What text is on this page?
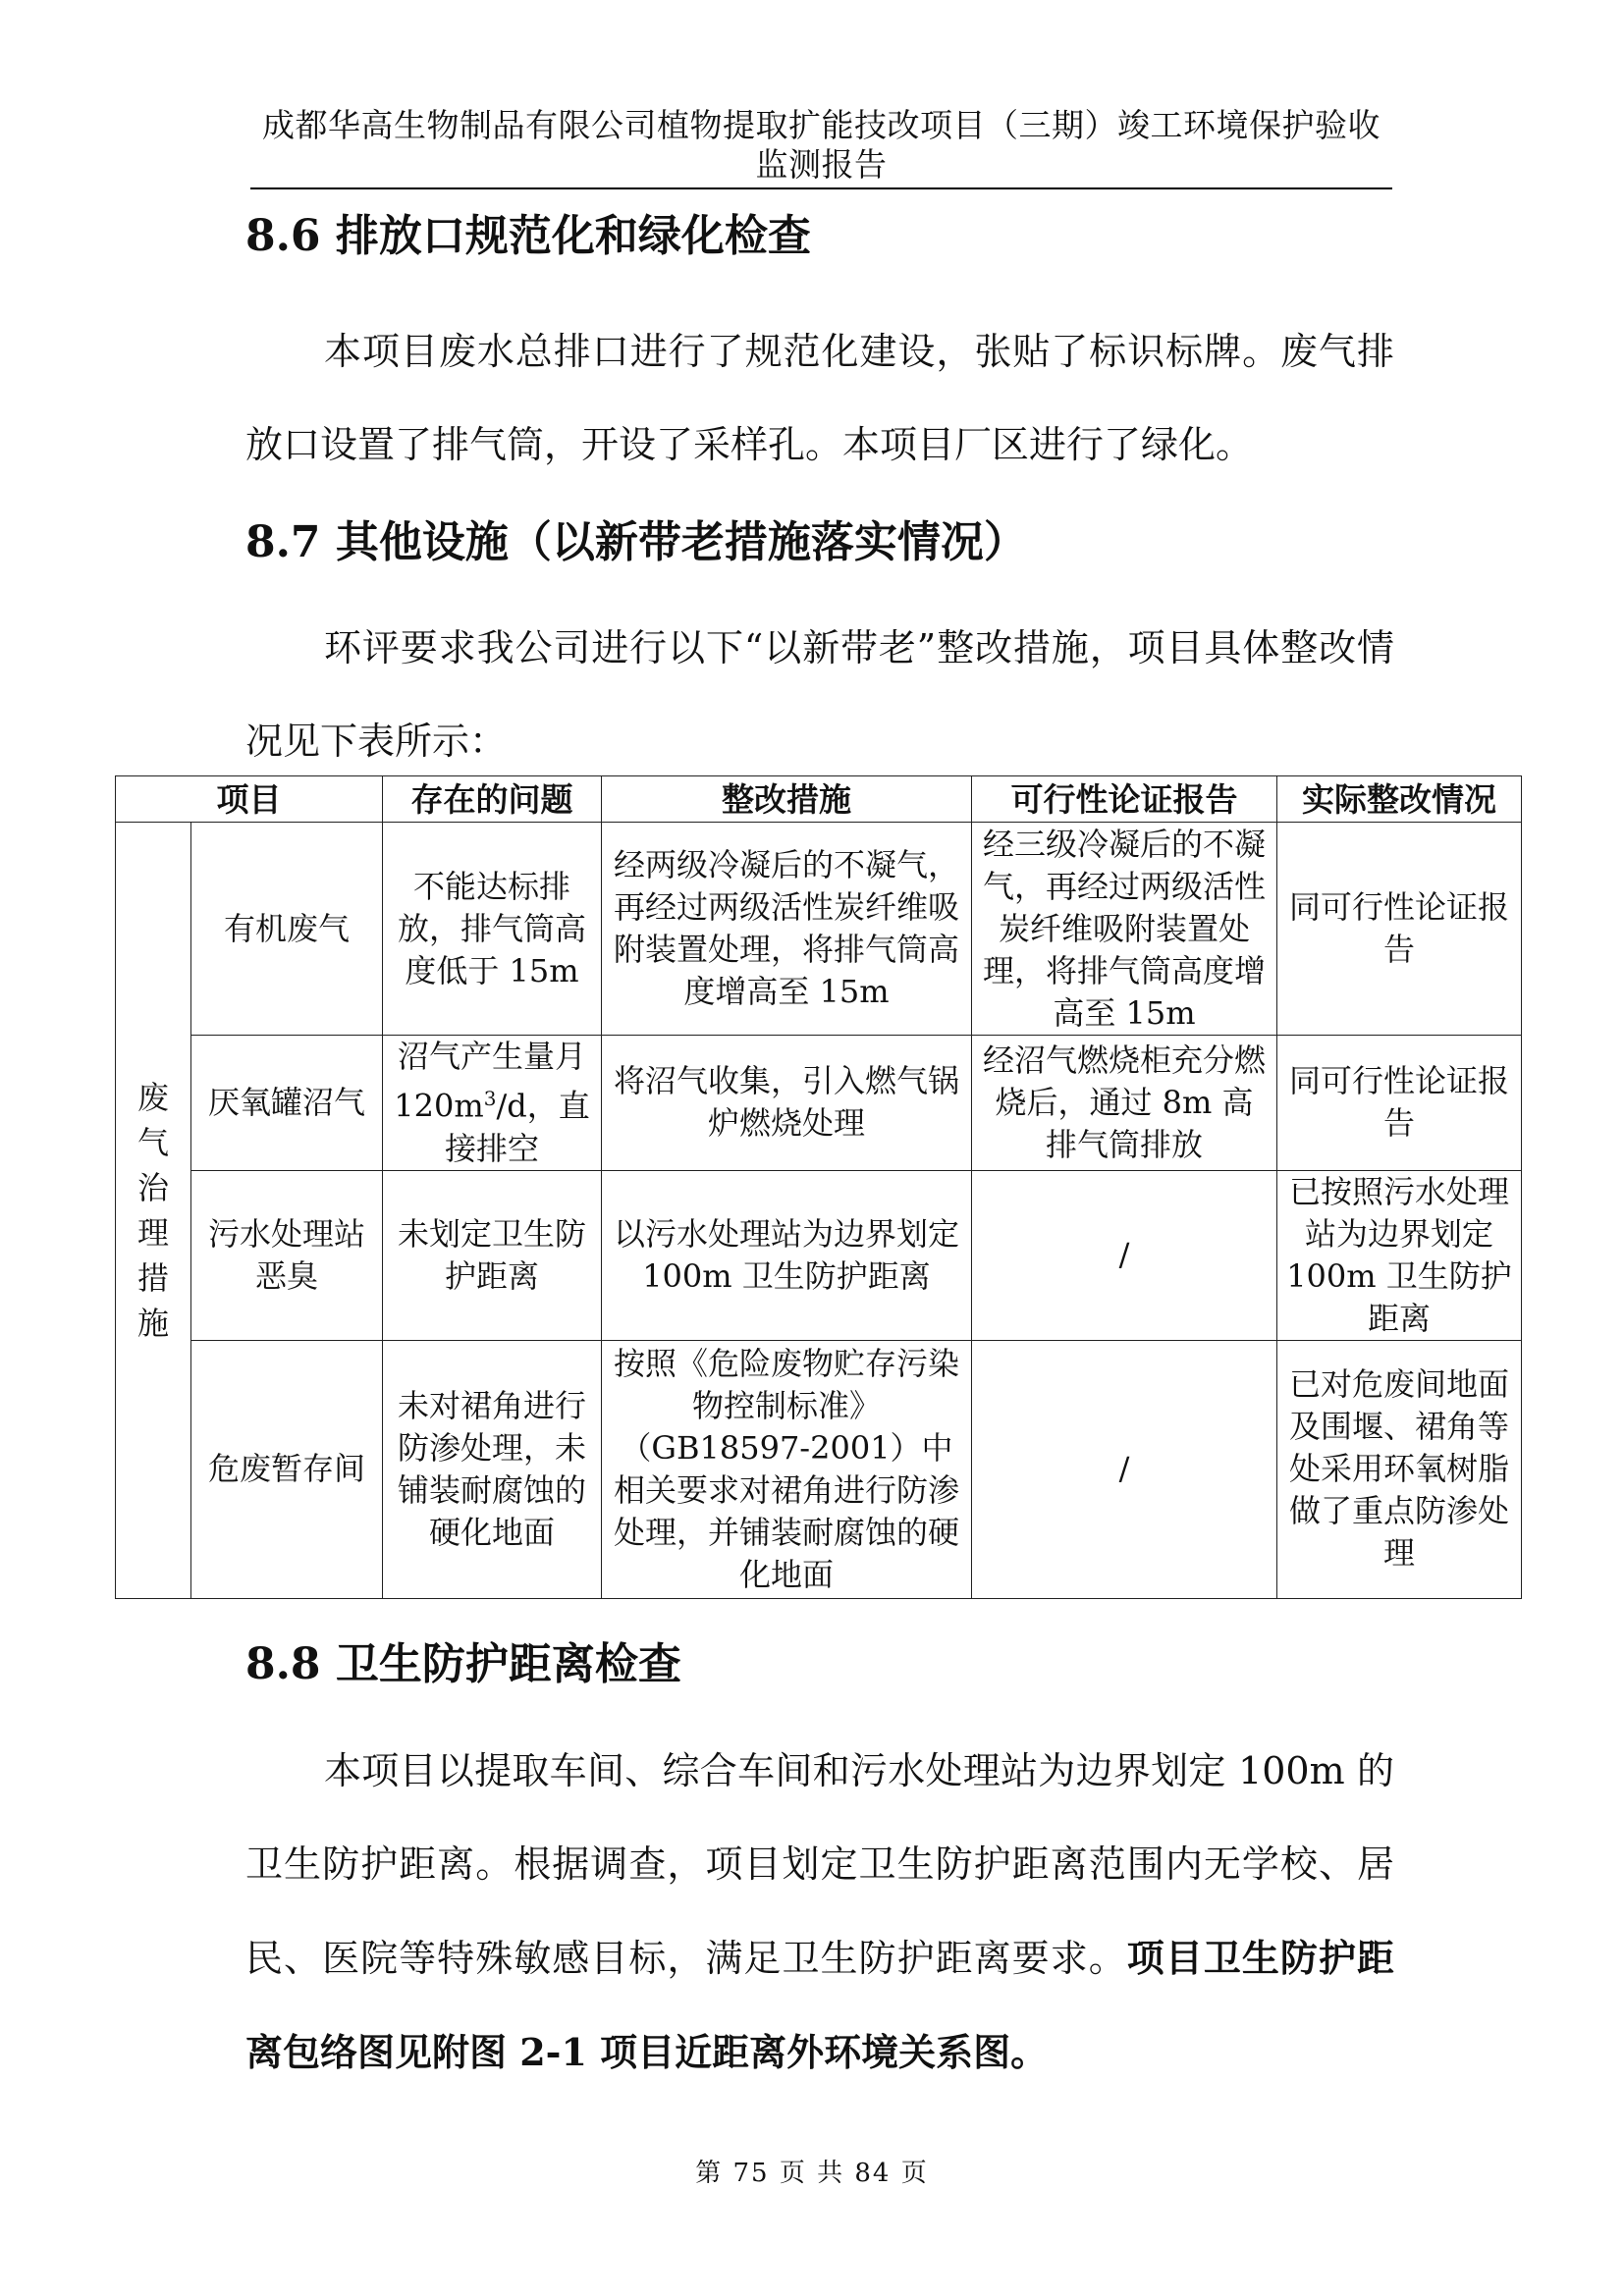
成都华高生物制品有限公司植物提取扩能技改项目（三期）竣工环境保护验收监测报告
8.6 排放口规范化和绿化检查
本项目废水总排口进行了规范化建设，张贴了标识标牌。废气排放口设置了排气筒，开设了采样孔。本项目厂区进行了绿化。
8.7 其他设施（以新带老措施落实情况）
环评要求我公司进行以下“以新带老”整改措施，项目具体整改情况见下表所示：
项目		存在的问题	整改措施	可行性论证报告	实际整改情况
废气治理措施	有机废气	不能达标排放，排气筒高度低于 15m	经两级冷凝后的不凝气，再经过两级活性炭纤维吸附装置处理，将排气筒高度增高至 15m	经三级冷凝后的不凝气，再经过两级活性炭纤维吸附装置处理，将排气筒高度增高至 15m	同可行性论证报告
	厌氧罐沼气	沼气产生量月 $120m^3/d$，直接排空	将沼气收集，引入燃气锅炉燃烧处理	经沼气燃烧柜充分燃烧后，通过 8m 高排气筒排放	同可行性论证报告
	污水处理站恶臭	未划定卫生防护距离	以污水处理站为边界划定 100m 卫生防护距离	/	已按照污水处理站为边界划定 100m 卫生防护距离
	危废暂存间	未对裙角进行防渗处理，未铺装耐腐蚀的硬化地面	按照《危险废物贮存污染物控制标准》（GB18597-2001）中相关要求对裙角进行防渗处理，并铺装耐腐蚀的硬化地面	/	已对危废间地面及围堰、裙角等处采用环氧树脂做了重点防渗处理
8.8 卫生防护距离检查
本项目以提取车间、综合车间和污水处理站为边界划定 100m 的卫生防护距离。根据调查，项目划定卫生防护距离范围内无学校、居民、医院等特殊敏感目标，满足卫生防护距离要求。项目卫生防护距离包络图见附图 2-1 项目近距离外环境关系图。
第 75 页 共 84 页
